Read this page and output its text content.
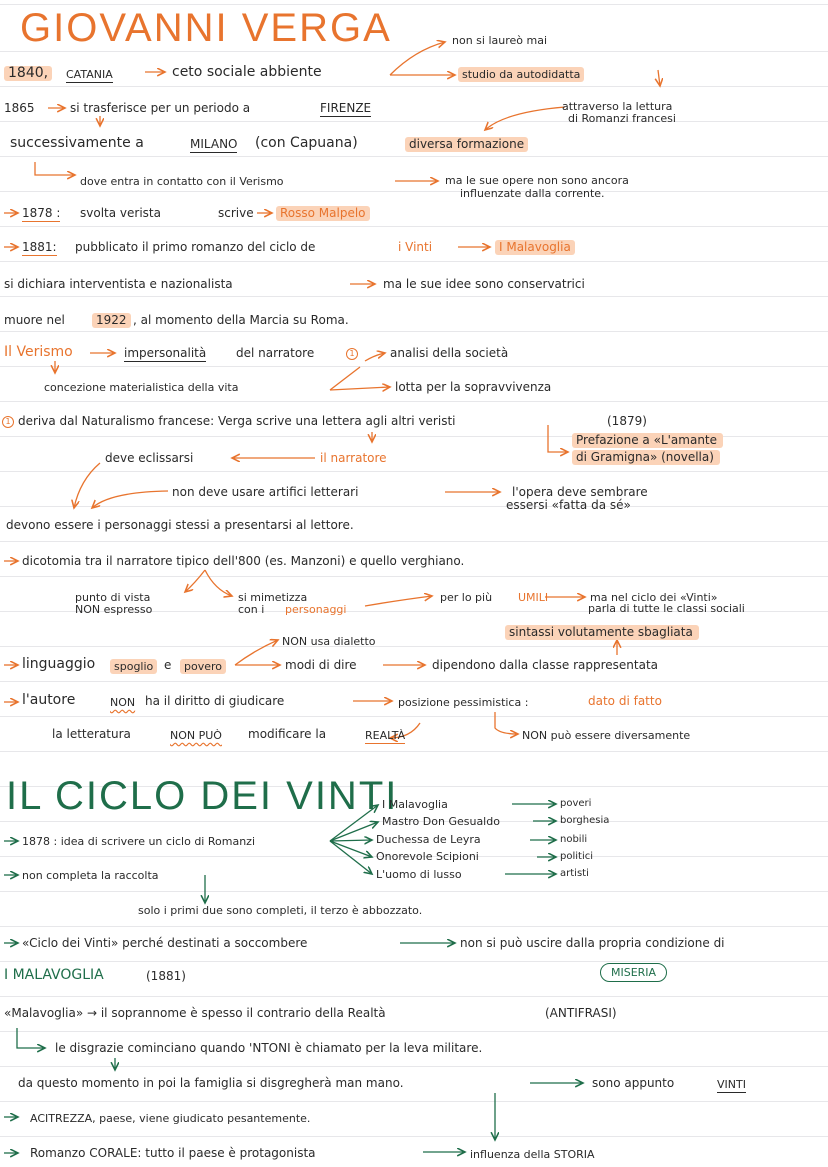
GIOVANNI VERGA	non si laureò mai
1840,	CATANIA	ceto sociale abbiente	studio da autodidatta
1865	si trasferisce per un periodo a	FIRENZE	attraverso la lettura
di Romanzi francesi
successivamente a	MILANO (con Capuana)	diversa formazione
dove entra in contatto con il Verismo	ma le sue opere non sono ancora
influenzate dalla corrente.
1878 : svolta verista	scrive	Rosso Malpelo
1881: pubblicato il primo romanzo del ciclo de	i Vinti	I Malavoglia
si dichiara interventista e nazionalista	ma le sue idee sono conservatrici
muore nel	1922 , al momento della Marcia su Roma.
Il Verismo	impersonalità del narratore	1	analisi della società
concezione materialistica della vita	lotta per la sopravvivenza
1 deriva dal Naturalismo francese: Verga scrive una lettera agli altri veristi	(1879)
Prefazione a «L'amante
di Gramigna» (novella)
deve eclissarsi	il narratore
non deve usare artifici letterari	l'opera deve sembrare
essersi «fatta da sé»
devono essere i personaggi stessi a presentarsi al lettore.
dicotomia tra il narratore tipico dell'800 (es. Manzoni) e quello verghiano.
punto di vista
NON espresso
si mimetizza
con i personaggi
per lo più UMILI	ma nel ciclo dei «Vinti»
parla di tutte le classi sociali
sintassi volutamente sbagliata
NON usa dialetto
linguaggio	spoglio e	povero	modi di dire	dipendono dalla classe rappresentata
l'autore	NON ha il diritto di giudicare	posizione pessimistica :	dato di fatto
la letteratura	NON PUÒ modificare la	REALTÀ	NON può essere diversamente
IL CICLO DEI VINTI
I Malavoglia	poveri
Mastro Don Gesualdo	borghesia
Duchessa de Leyra	nobili
Onorevole Scipioni	politici
L'uomo di lusso	artisti
1878 : idea di scrivere un ciclo di Romanzi
non completa la raccolta
solo i primi due sono completi, il terzo è abbozzato.
«Ciclo dei Vinti» perché destinati a soccombere	non si può uscire dalla propria condizione di
I MALAVOGLIA	(1881)	MISERIA
«Malavoglia» → il soprannome è spesso il contrario della Realtà	(ANTIFRASI)
le disgrazie cominciano quando 'NTONI è chiamato per la leva militare.
da questo momento in poi la famiglia si disgregherà man mano.	sono appunto	VINTI
ACITREZZA, paese, viene giudicato pesantemente.
Romanzo CORALE: tutto il paese è protagonista	influenza della STORIA
